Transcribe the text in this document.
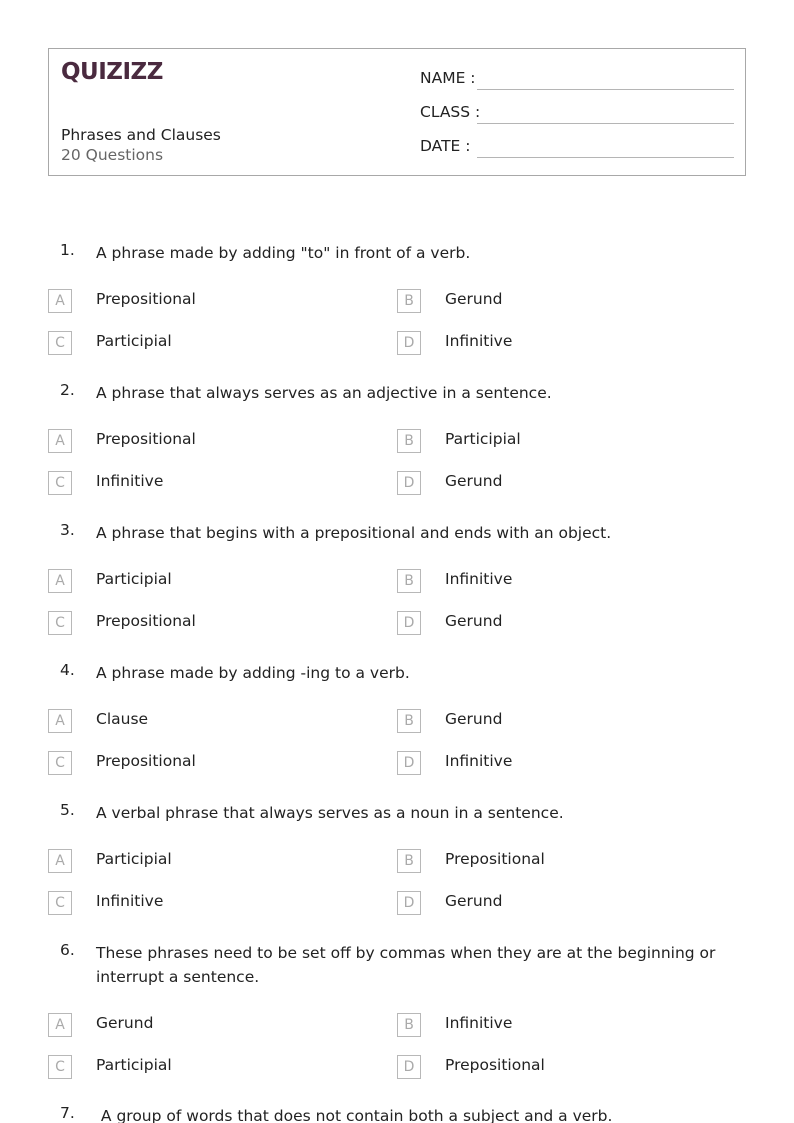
QUIZIZZ
Phrases and Clauses
20 Questions
NAME :
CLASS :
DATE :
1. A phrase made by adding "to" in front of a verb.
A	Prepositional	B	Gerund
C	Participial	D	Infinitive
2. A phrase that always serves as an adjective in a sentence.
A	Prepositional	B	Participial
C	Infinitive	D	Gerund
3. A phrase that begins with a prepositional and ends with an object.
A	Participial	B	Infinitive
C	Prepositional	D	Gerund
4. A phrase made by adding -ing to a verb.
A	Clause	B	Gerund
C	Prepositional	D	Infinitive
5. A verbal phrase that always serves as a noun in a sentence.
A	Participial	B	Prepositional
C	Infinitive	D	Gerund
6. These phrases need to be set off by commas when they are at the beginning or interrupt a sentence.
A	Gerund	B	Infinitive
C	Participial	D	Prepositional
7. A group of words that does not contain both a subject and a verb.
